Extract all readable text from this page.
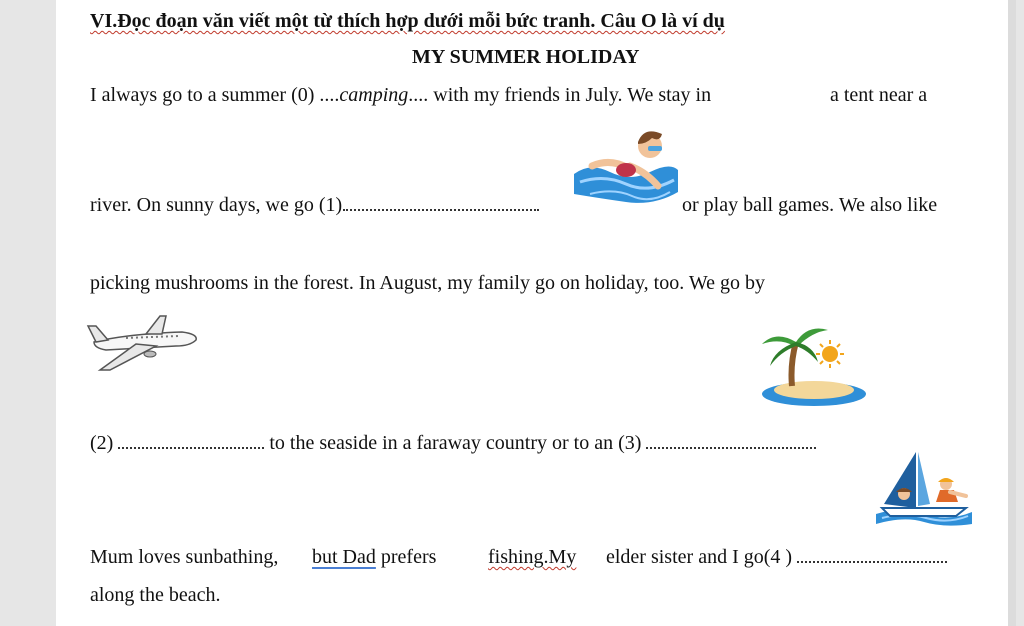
VI.Đọc đoạn văn viết một từ thích hợp dưới mỗi bức tranh. Câu O là ví dụ
MY SUMMER HOLIDAY
I always go to a summer (0) ....camping.... with my friends in July. We stay in	a tent near a
river. On sunny days, we go (1)	or play ball games. We also like
picking mushrooms in the forest. In August, my family go on holiday, too. We go by
(2)	to the seaside in a faraway country or to an (3)
Mum loves sunbathing, but Dad prefers	fishing.My elder sister and I go(4 )
along the beach.
